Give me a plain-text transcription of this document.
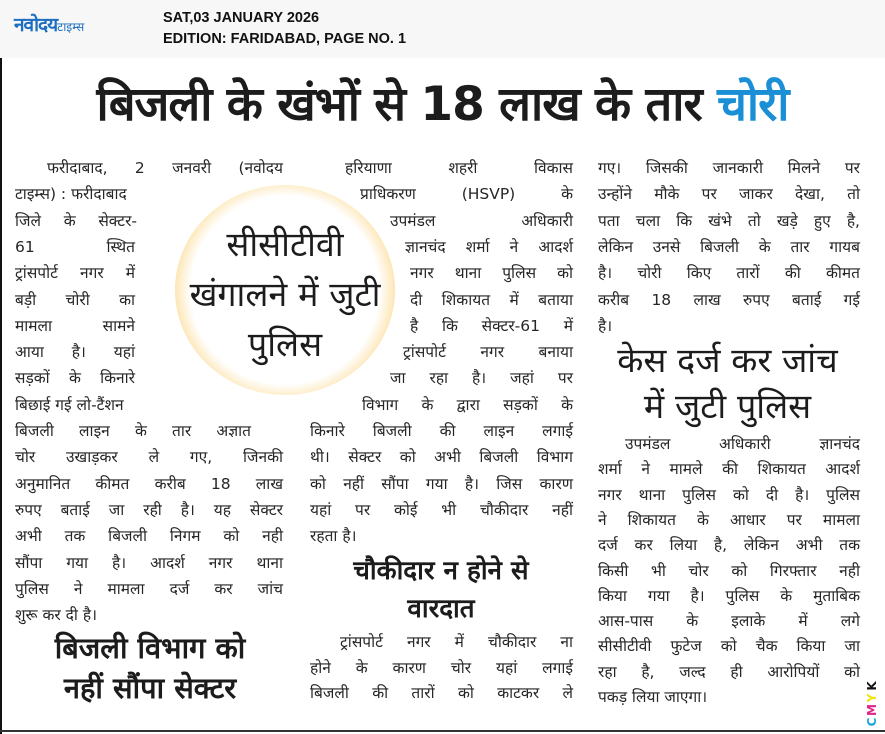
नवोदयटाइम्स
SAT,03 JANUARY 2026
EDITION: FARIDABAD, PAGE NO. 1
बिजली के खंभों से 18 लाख के तार चोरी
सीसीटीवी
खंगालने में जुटी
पुलिस
फरीदाबाद, 2 जनवरी (नवोदय
टाइम्स) : फरीदाबाद
जिले के सेक्टर-
61 स्थित
ट्रांसपोर्ट नगर में
बड़ी चोरी का
मामला सामने
आया है। यहां
सड़कों के किनारे
बिछाई गई लो-टैंशन
बिजली लाइन के तार अज्ञात
चोर उखाड़कर ले गए, जिनकी
अनुमानित कीमत करीब 18 लाख
रुपए बताई जा रही है। यह सेक्टर
अभी तक बिजली निगम को नही
सौंपा गया है। आदर्श नगर थाना
पुलिस ने मामला दर्ज कर जांच
शुरू कर दी है।
हरियाणा शहरी विकास
प्राधिकरण (HSVP) के
उपमंडल अधिकारी
ज्ञानचंद शर्मा ने आदर्श
नगर थाना पुलिस को
दी शिकायत में बताया
है कि सेक्टर-61 में
ट्रांसपोर्ट नगर बनाया
जा रहा है। जहां पर
विभाग के द्वारा सड़कों के
किनारे बिजली की लाइन लगाई
थी। सेक्टर को अभी बिजली विभाग
को नहीं सौंपा गया है। जिस कारण
यहां पर कोई भी चौकीदार नहीं
रहता है।
ट्रांसपोर्ट नगर में चौकीदार ना
होने के कारण चोर यहां लगाई
बिजली की तारों को काटकर ले
गए। जिसकी जानकारी मिलने पर
उन्होंने मौके पर जाकर देखा, तो
पता चला कि खंभे तो खड़े हुए है,
लेकिन उनसे बिजली के तार गायब
है। चोरी किए तारों की कीमत
करीब 18 लाख रुपए बताई गई
है।
उपमंडल अधिकारी ज्ञानचंद
शर्मा ने मामले की शिकायत आदर्श
नगर थाना पुलिस को दी है। पुलिस
ने शिकायत के आधार पर मामला
दर्ज कर लिया है, लेकिन अभी तक
किसी भी चोर को गिरफ्तार नही
किया गया है। पुलिस के मुताबिक
आस-पास के इलाके में लगे
सीसीटीवी फुटेज को चैक किया जा
रहा है, जल्द ही आरोपियों को
पकड़ लिया जाएगा।
बिजली विभाग को
नहीं सौंपा सेक्टर
चौकीदार न होने से
वारदात
केस दर्ज कर जांच
में जुटी पुलिस
K
Y
M
C
